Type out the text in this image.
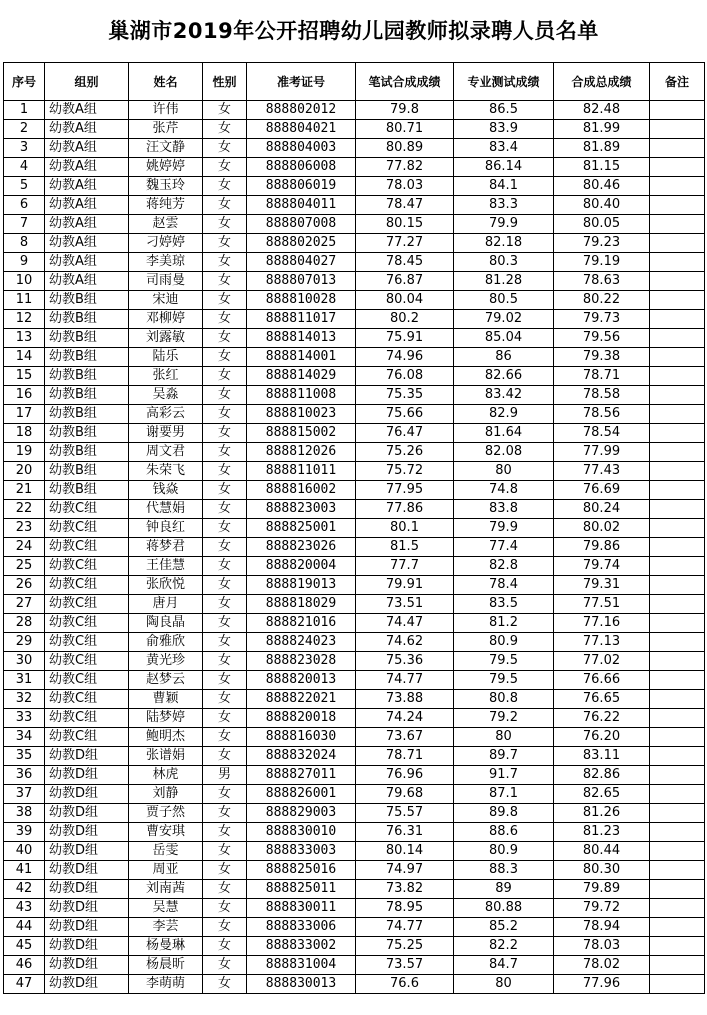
巢湖市2019年公开招聘幼儿园教师拟录聘人员名单
序号	组别	姓名	性别	准考证号	笔试合成成绩	专业测试成绩	合成总成绩	备注
1	幼教A组	许伟	女	888802012	79.8	86.5	82.48	
2	幼教A组	张芹	女	888804021	80.71	83.9	81.99	
3	幼教A组	汪文静	女	888804003	80.89	83.4	81.89	
4	幼教A组	姚婷婷	女	888806008	77.82	86.14	81.15	
5	幼教A组	魏玉玲	女	888806019	78.03	84.1	80.46	
6	幼教A组	蒋纯芳	女	888804011	78.47	83.3	80.40	
7	幼教A组	赵雲	女	888807008	80.15	79.9	80.05	
8	幼教A组	刁婷婷	女	888802025	77.27	82.18	79.23	
9	幼教A组	李美琼	女	888804027	78.45	80.3	79.19	
10	幼教A组	司雨曼	女	888807013	76.87	81.28	78.63	
11	幼教B组	宋迪	女	888810028	80.04	80.5	80.22	
12	幼教B组	邓柳婷	女	888811017	80.2	79.02	79.73	
13	幼教B组	刘露敏	女	888814013	75.91	85.04	79.56	
14	幼教B组	陆乐	女	888814001	74.96	86	79.38	
15	幼教B组	张红	女	888814029	76.08	82.66	78.71	
16	幼教B组	吴淼	女	888811008	75.35	83.42	78.58	
17	幼教B组	高彩云	女	888810023	75.66	82.9	78.56	
18	幼教B组	谢要男	女	888815002	76.47	81.64	78.54	
19	幼教B组	周文君	女	888812026	75.26	82.08	77.99	
20	幼教B组	朱荣飞	女	888811011	75.72	80	77.43	
21	幼教B组	钱焱	女	888816002	77.95	74.8	76.69	
22	幼教C组	代慧娟	女	888823003	77.86	83.8	80.24	
23	幼教C组	钟良红	女	888825001	80.1	79.9	80.02	
24	幼教C组	蒋梦君	女	888823026	81.5	77.4	79.86	
25	幼教C组	王佳慧	女	888820004	77.7	82.8	79.74	
26	幼教C组	张欣悦	女	888819013	79.91	78.4	79.31	
27	幼教C组	唐月	女	888818029	73.51	83.5	77.51	
28	幼教C组	陶良晶	女	888821016	74.47	81.2	77.16	
29	幼教C组	俞雅欣	女	888824023	74.62	80.9	77.13	
30	幼教C组	黄光珍	女	888823028	75.36	79.5	77.02	
31	幼教C组	赵梦云	女	888820013	74.77	79.5	76.66	
32	幼教C组	曹颖	女	888822021	73.88	80.8	76.65	
33	幼教C组	陆梦婷	女	888820018	74.24	79.2	76.22	
34	幼教C组	鲍明杰	女	888816030	73.67	80	76.20	
35	幼教D组	张谱娟	女	888832024	78.71	89.7	83.11	
36	幼教D组	林虎	男	888827011	76.96	91.7	82.86	
37	幼教D组	刘静	女	888826001	79.68	87.1	82.65	
38	幼教D组	贾子然	女	888829003	75.57	89.8	81.26	
39	幼教D组	曹安琪	女	888830010	76.31	88.6	81.23	
40	幼教D组	岳雯	女	888833003	80.14	80.9	80.44	
41	幼教D组	周亚	女	888825016	74.97	88.3	80.30	
42	幼教D组	刘南茜	女	888825011	73.82	89	79.89	
43	幼教D组	吴慧	女	888830011	78.95	80.88	79.72	
44	幼教D组	李芸	女	888833006	74.77	85.2	78.94	
45	幼教D组	杨曼琳	女	888833002	75.25	82.2	78.03	
46	幼教D组	杨晨昕	女	888831004	73.57	84.7	78.02	
47	幼教D组	李萌萌	女	888830013	76.6	80	77.96	
